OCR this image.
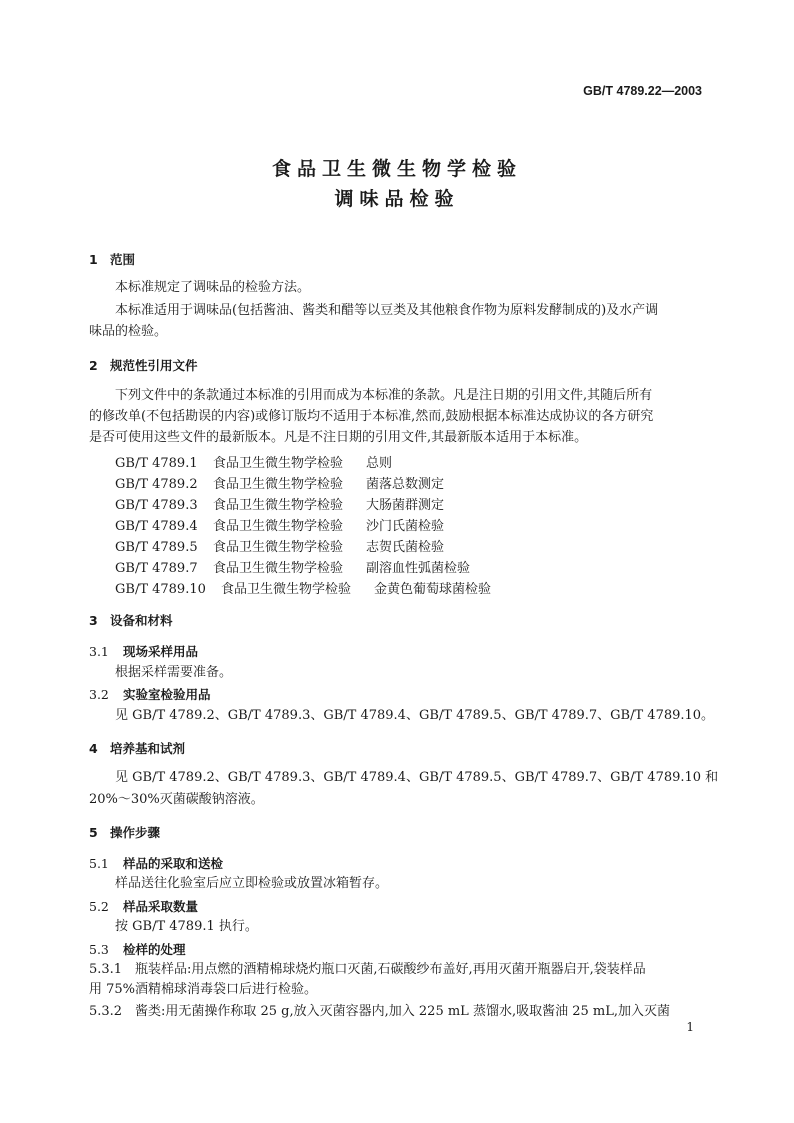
GB/T 4789.22—2003
食品卫生微生物学检验
调味品检验
1 范围
本标准规定了调味品的检验方法。
本标准适用于调味品(包括酱油、酱类和醋等以豆类及其他粮食作物为原料发酵制成的)及水产调
味品的检验。
2 规范性引用文件
下列文件中的条款通过本标准的引用而成为本标准的条款。凡是注日期的引用文件,其随后所有
的修改单(不包括勘误的内容)或修订版均不适用于本标准,然而,鼓励根据本标准达成协议的各方研究
是否可使用这些文件的最新版本。凡是不注日期的引用文件,其最新版本适用于本标准。
GB/T 4789.1 食品卫生微生物学检验 总则
GB/T 4789.2 食品卫生微生物学检验 菌落总数测定
GB/T 4789.3 食品卫生微生物学检验 大肠菌群测定
GB/T 4789.4 食品卫生微生物学检验 沙门氏菌检验
GB/T 4789.5 食品卫生微生物学检验 志贺氏菌检验
GB/T 4789.7 食品卫生微生物学检验 副溶血性弧菌检验
GB/T 4789.10 食品卫生微生物学检验 金黄色葡萄球菌检验
3 设备和材料
3.1 现场采样用品
根据采样需要准备。
3.2 实验室检验用品
见 GB/T 4789.2、GB/T 4789.3、GB/T 4789.4、GB/T 4789.5、GB/T 4789.7、GB/T 4789.10。
4 培养基和试剂
见 GB/T 4789.2、GB/T 4789.3、GB/T 4789.4、GB/T 4789.5、GB/T 4789.7、GB/T 4789.10 和
20%～30%灭菌碳酸钠溶液。
5 操作步骤
5.1 样品的采取和送检
样品送往化验室后应立即检验或放置冰箱暂存。
5.2 样品采取数量
按 GB/T 4789.1 执行。
5.3 检样的处理
5.3.1 瓶装样品:用点燃的酒精棉球烧灼瓶口灭菌,石碳酸纱布盖好,再用灭菌开瓶器启开,袋装样品
用 75%酒精棉球消毒袋口后进行检验。
5.3.2 酱类:用无菌操作称取 25 g,放入灭菌容器内,加入 225 mL 蒸馏水,吸取酱油 25 mL,加入灭菌
1
